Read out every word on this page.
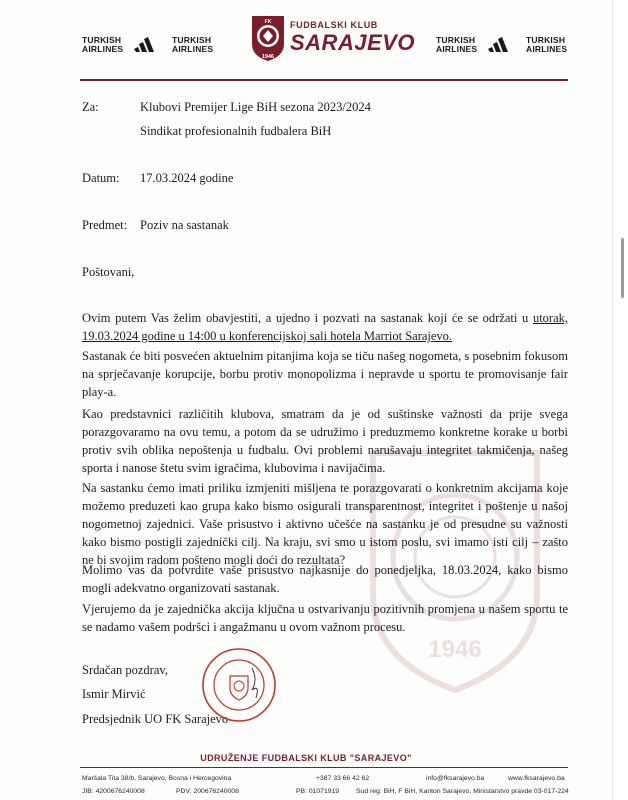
TURKISH
AIRLINES
TURKISH
AIRLINES
1946
FK FUDBALSKI KLUB
SARAJEVO TURKISH
AIRLINES
TURKISH
AIRLINES
1946
Za:	Klubovi Premijer Lige BiH sezona 2023/2024
Sindikat profesionalnih fudbalera BiH
Datum: 17.03.2024 godine
Predmet: Poziv na sastanak
Poštovani,
Ovim putem Vas želim obavjestiti, a ujedno i pozvati na sastanak koji će se održati u utorak, 19.03.2024 godine u 14:00 u konferencijskoj sali hotela Marriot Sarajevo.
Sastanak će biti posvećen aktuelnim pitanjima koja se tiču našeg nogometa, s posebnim fokusom na sprječavanje korupcije, borbu protiv monopolizma i nepravde u sportu te promovisanje fair play-a.
Kao predstavnici različitih klubova, smatram da je od suštinske važnosti da prije svega porazgovaramo na ovu temu, a potom da se udružimo i preduzmemo konkretne korake u borbi protiv svih oblika nepoštenja u fudbalu. Ovi problemi narušavaju integritet takmičenja, našeg sporta i nanose štetu svim igračima, klubovima i navijačima.
Na sastanku ćemo imati priliku izmjeniti mišljena te porazgovarati o konkretnim akcijama koje možemo preduzeti kao grupa kako bismo osigurali transparentnost, integritet i poštenje u našoj nogometnoj zajednici. Vaše prisustvo i aktivno učešće na sastanku je od presudne su važnosti kako bismo postigli zajednički cilj. Na kraju, svi smo u istom poslu, svi imamo isti cilj – zašto ne bi svojim radom pošteno mogli doći do rezultata?
Molimo vas da potvrdite vaše prisustvo najkasnije do ponedjeljka, 18.03.2024, kako bismo mogli adekvatno organizovati sastanak.
Vjerujemo da je zajednička akcija ključna u ostvarivanju pozitivnih promjena u našem sportu te se nadamo vašem podršci i angažmanu u ovom važnom procesu.
Srdačan pozdrav,
Ismir Mirvić
Predsjednik UO FK Sarajevo
UDRUŽENJE FUDBALSKI KLUB "SARAJEVO"
Maršala Tita 38/b, Sarajevo, Bosna i Hercegovina	+387 33 66 42 62	info@fksarajevo.ba	www.fksarajevo.ba
JIB: 4200676240008	PDV: 200676240008	PB: 01071919 Sud reg: BiH, F BiH, Kanton Sarajevo, Ministarstvo pravde 03-017-224
